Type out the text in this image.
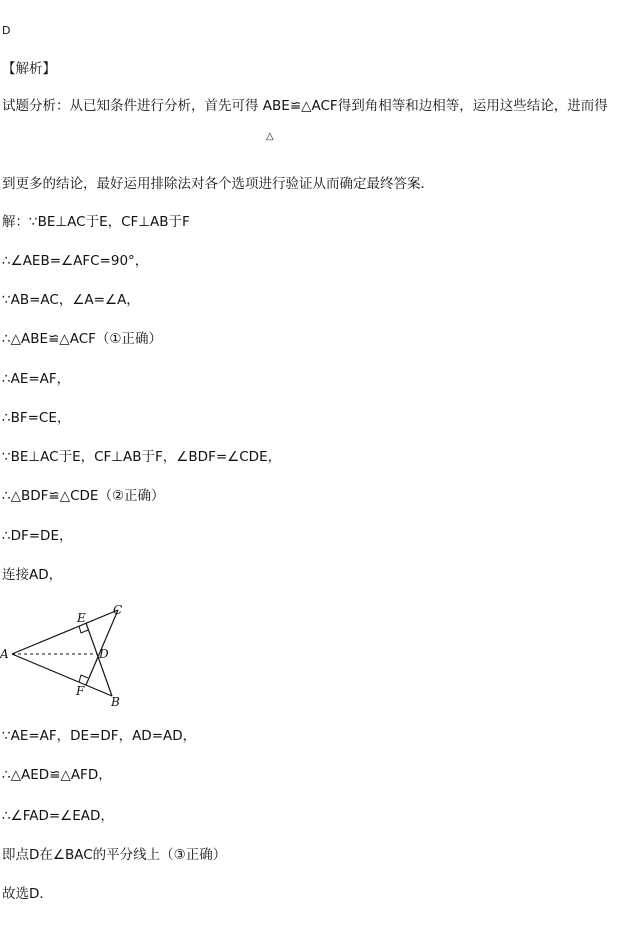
D
【解析】
试题分析：从已知条件进行分析，首先可得 ABE≌△ACF得到角相等和边相等，运用这些结论，进而得
△
到更多的结论，最好运用排除法对各个选项进行验证从而确定最终答案．
解：∵BE⊥AC于E，CF⊥AB于F
∴∠AEB=∠AFC=90°，
∵AB=AC，∠A=∠A，
∴△ABE≌△ACF（①正确）
∴AE=AF，
∴BF=CE，
∵BE⊥AC于E，CF⊥AB于F，∠BDF=∠CDE，
∴△BDF≌△CDE（②正确）
∴DF=DE，
连接AD，
A
E
C
D
F
B
∵AE=AF，DE=DF，AD=AD，
∴△AED≌△AFD，
∴∠FAD=∠EAD，
即点D在∠BAC的平分线上（③正确）
故选D．
